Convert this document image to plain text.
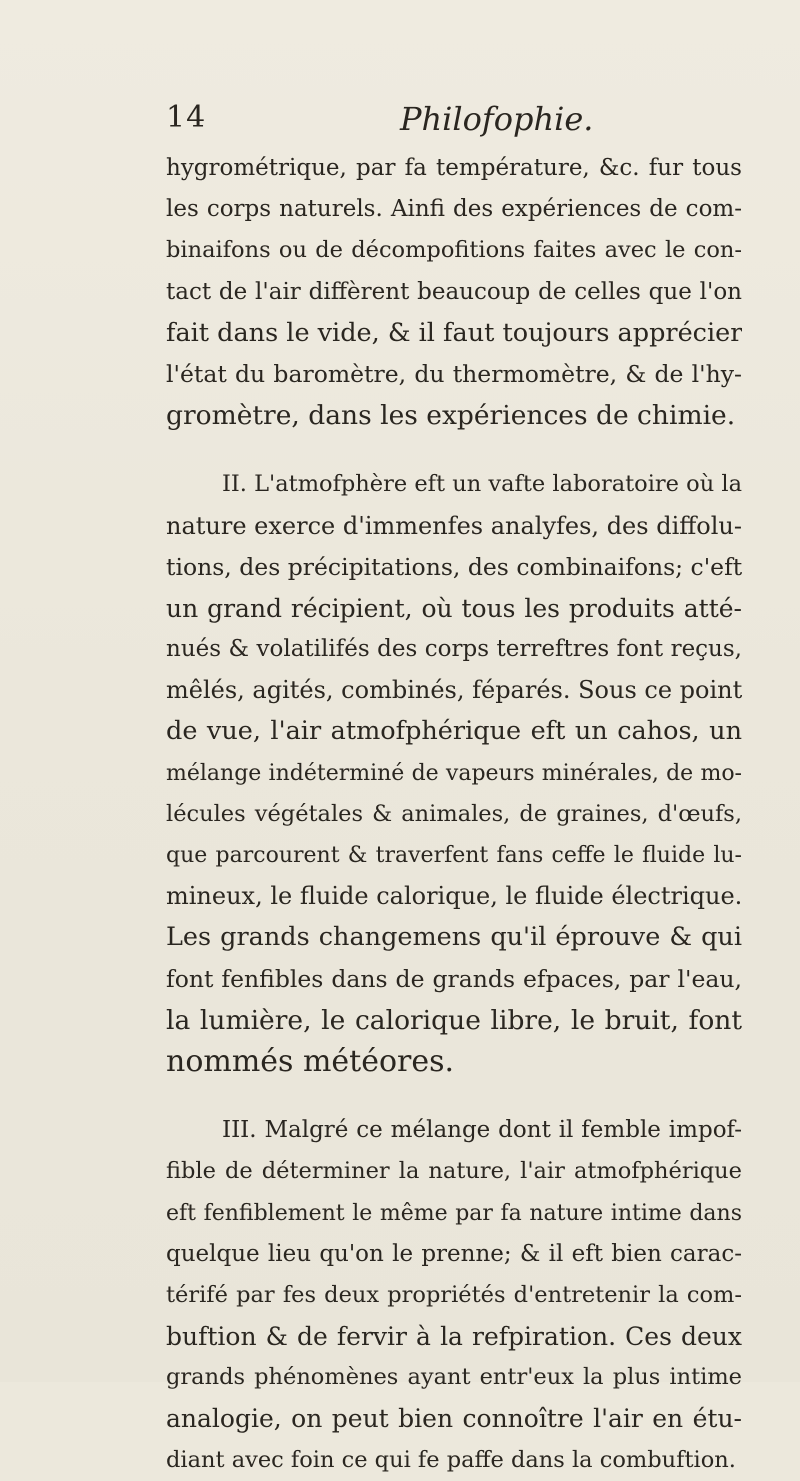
14	Philofophie.
hygrométrique, par fa température, &c. fur tous
les corps naturels. Ainfi des expériences de com-
binaifons ou de décompofitions faites avec le con-
tact de l'air diffèrent beaucoup de celles que l'on
fait dans le vide, & il faut toujours apprécier
l'état du baromètre, du thermomètre, & de l'hy-
gromètre, dans les expériences de chimie.
II. L'atmofphère eft un vafte laboratoire où la
nature exerce d'immenfes analyfes, des diffolu-
tions, des précipitations, des combinaifons; c'eft
un grand récipient, où tous les produits atté-
nués & volatilifés des corps terreftres font reçus,
mêlés, agités, combinés, féparés. Sous ce point
de vue, l'air atmofphérique eft un cahos, un
mélange indéterminé de vapeurs minérales, de mo-
lécules végétales & animales, de graines, d'œufs,
que parcourent & traverfent fans ceffe le fluide lu-
mineux, le fluide calorique, le fluide électrique.
Les grands changemens qu'il éprouve & qui
font fenfibles dans de grands efpaces, par l'eau,
la lumière, le calorique libre, le bruit, font
nommés météores.
III. Malgré ce mélange dont il femble impof-
fible de déterminer la nature, l'air atmofphérique
eft fenfiblement le même par fa nature intime dans
quelque lieu qu'on le prenne; & il eft bien carac-
térifé par fes deux propriétés d'entretenir la com-
buftion & de fervir à la refpiration. Ces deux
grands phénomènes ayant entr'eux la plus intime
analogie, on peut bien connoître l'air en étu-
diant avec foin ce qui fe paffe dans la combuftion.
